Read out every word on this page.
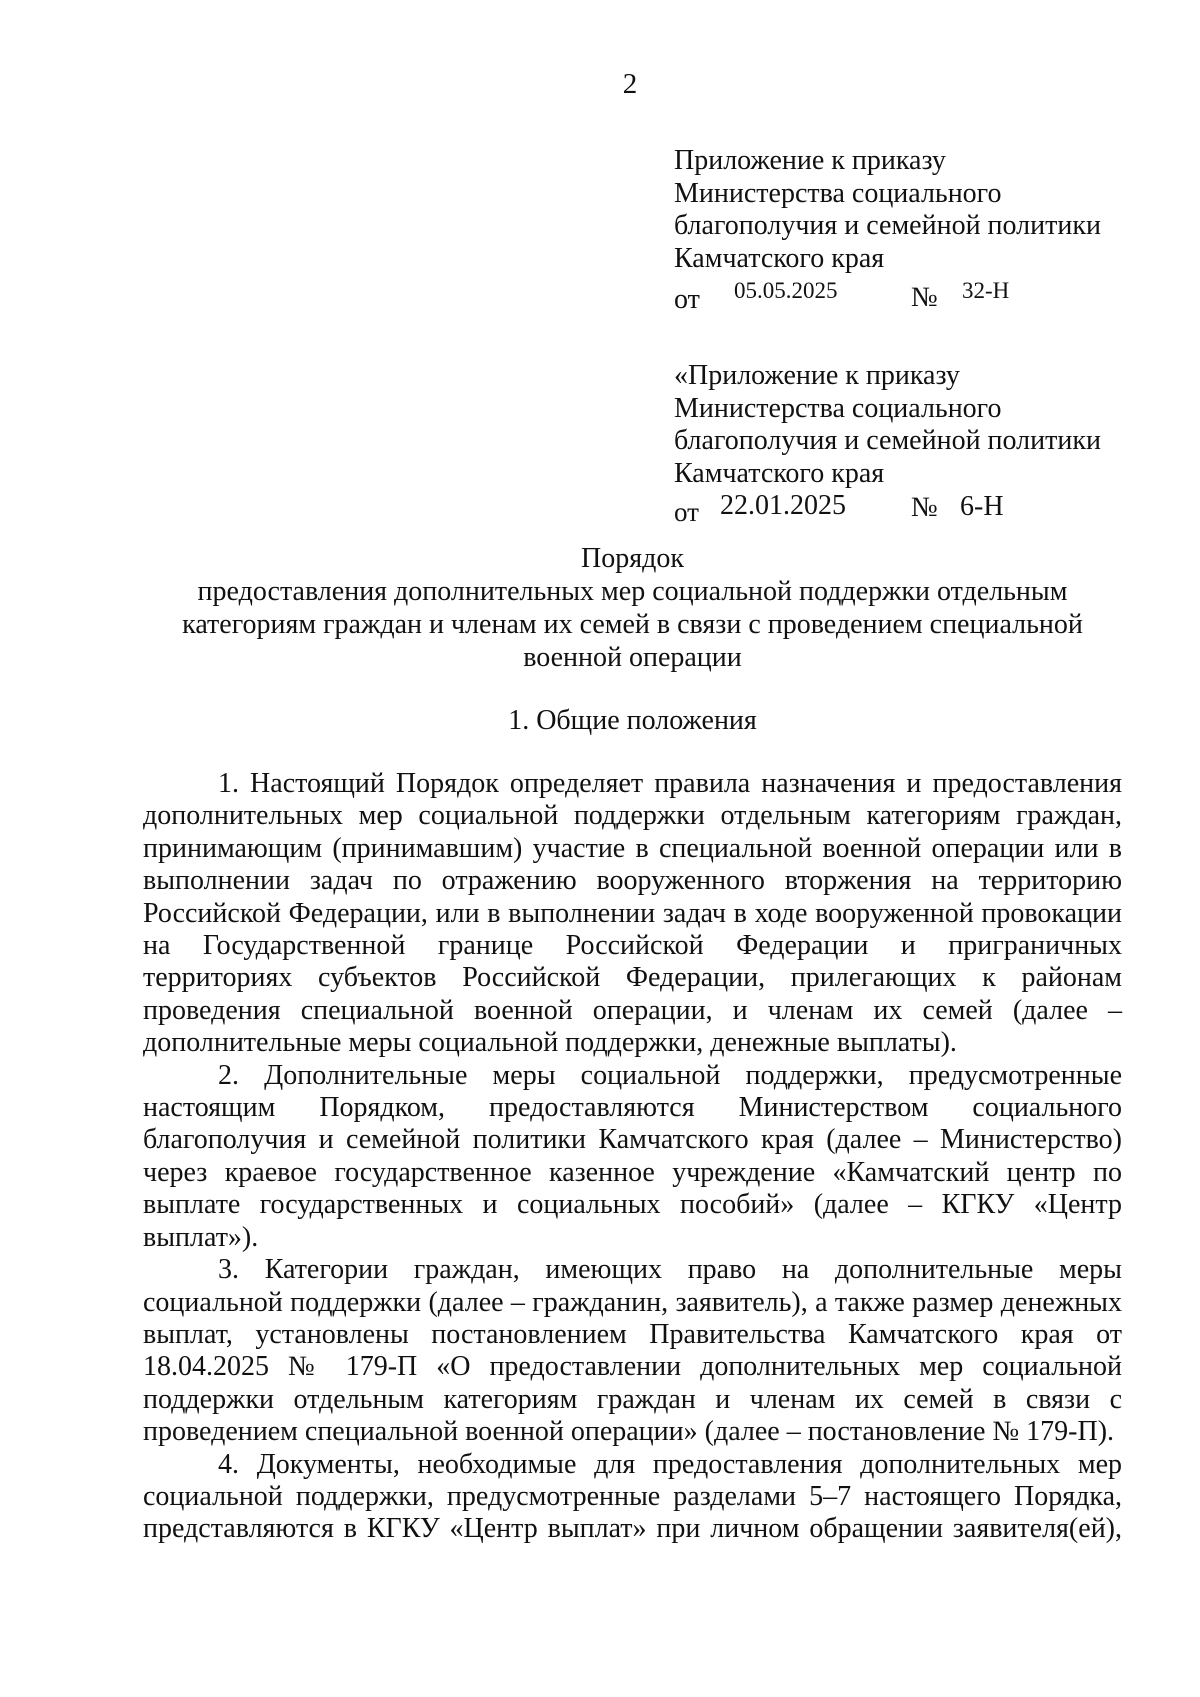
2
Приложение к приказу
Министерства социального
благополучия и семейной политики
Камчатского края
от 05.05.2025	№ 32-Н
«Приложение к приказу
Министерства социального
благополучия и семейной политики
Камчатского края
от 22.01.2025 № 6-Н
Порядок
предоставления дополнительных мер социальной поддержки отдельным
категориям граждан и членам их семей в связи с проведением специальной
военной операции
1. Общие положения

1. Настоящий Порядок определяет правила назначения и предоставления дополнительных мер социальной поддержки отдельным категориям граждан, принимающим (принимавшим) участие в специальной военной операции или в выполнении задач по отражению вооруженного вторжения на территорию Российской Федерации, или в выполнении задач в ходе вооруженной провокации на Государственной границе Российской Федерации и приграничных территориях субъектов Российской Федерации, прилегающих к районам проведения специальной военной операции, и членам их семей (далее – дополнительные меры социальной поддержки, денежные выплаты).

2. Дополнительные меры социальной поддержки, предусмотренные настоящим Порядком, предоставляются Министерством социального благополучия и семейной политики Камчатского края (далее – Министерство) через краевое государственное казенное учреждение «Камчатский центр по выплате государственных и социальных пособий» (далее – КГКУ «Центр выплат»).

3. Категории граждан, имеющих право на дополнительные меры социальной поддержки (далее – гражданин, заявитель), а также размер денежных выплат, установлены постановлением Правительства Камчатского края от 18.04.2025 № 179-П «О предоставлении дополнительных мер социальной поддержки отдельным категориям граждан и членам их семей в связи с проведением специальной военной операции» (далее – постановление № 179-П).

4. Документы, необходимые для предоставления дополнительных мер социальной поддержки, предусмотренные разделами 5–7 настоящего Порядка, представляются в КГКУ «Центр выплат» при личном обращении заявителя(ей),
